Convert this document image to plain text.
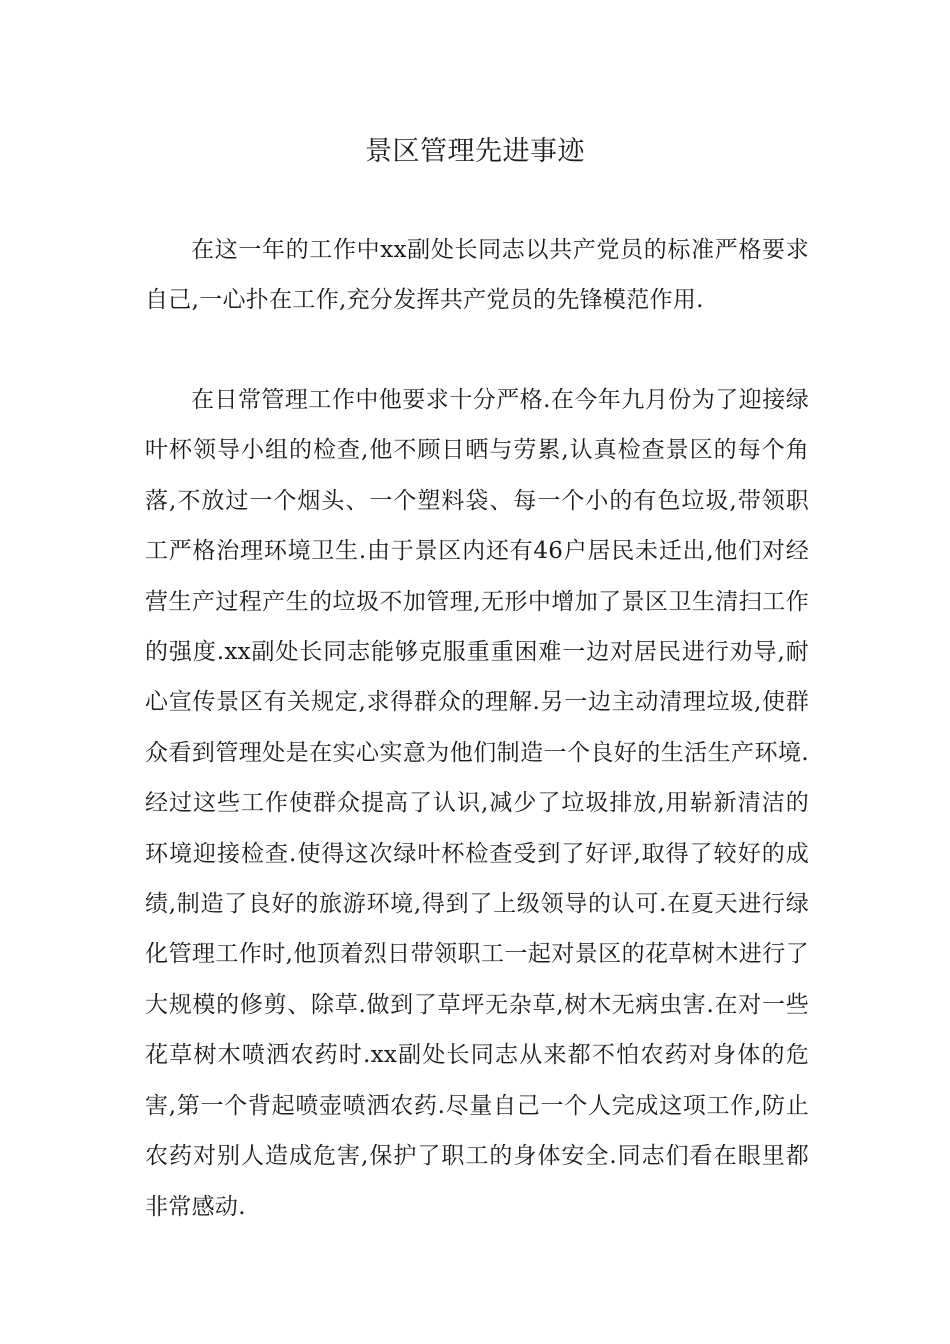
景区管理先进事迹

在这一年的工作中xx副处长同志以共产党员的标准严格要求自己,一心扑在工作,充分发挥共产党员的先锋模范作用.

在日常管理工作中他要求十分严格.在今年九月份为了迎接绿叶杯领导小组的检查,他不顾日晒与劳累,认真检查景区的每个角落,不放过一个烟头、一个塑料袋、每一个小的有色垃圾,带领职工严格治理环境卫生.由于景区内还有46户居民未迁出,他们对经营生产过程产生的垃圾不加管理,无形中增加了景区卫生清扫工作的强度.xx副处长同志能够克服重重困难一边对居民进行劝导,耐心宣传景区有关规定,求得群众的理解.另一边主动清理垃圾,使群众看到管理处是在实心实意为他们制造一个良好的生活生产环境.经过这些工作使群众提高了认识,减少了垃圾排放,用崭新清洁的环境迎接检查.使得这次绿叶杯检查受到了好评,取得了较好的成绩,制造了良好的旅游环境,得到了上级领导的认可.在夏天进行绿化管理工作时,他顶着烈日带领职工一起对景区的花草树木进行了大规模的修剪、除草.做到了草坪无杂草,树木无病虫害.在对一些花草树木喷洒农药时.xx副处长同志从来都不怕农药对身体的危害,第一个背起喷壶喷洒农药.尽量自己一个人完成这项工作,防止农药对别人造成危害,保护了职工的身体安全.同志们看在眼里都非常感动.
